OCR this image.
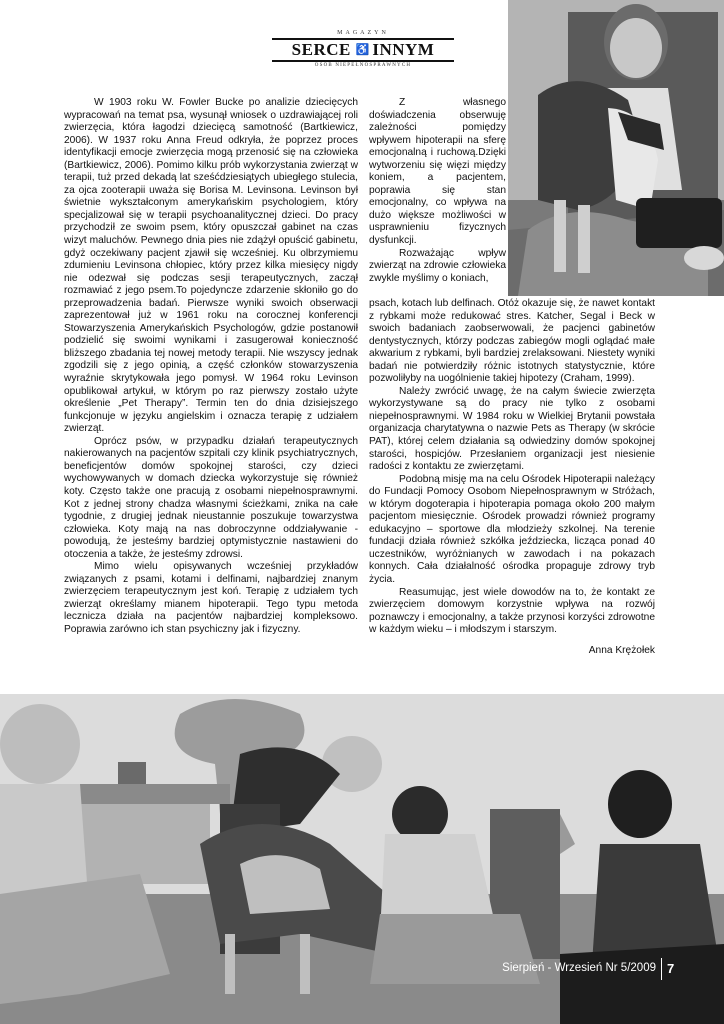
MAGAZYN
SERCE ♿ INNYM
OSÓB NIEPEŁNOSPRAWNYCH

W 1903 roku W. Fowler Bucke po analizie dziecięcych wypracowań na temat psa, wysunął wniosek o uzdrawiającej roli zwierzęcia, która łagodzi dziecięcą samotność (Bartkiewicz, 2006). W 1937 roku Anna Freud odkryła, że poprzez proces identyfikacji emocje zwierzęcia mogą przenosić się na człowieka (Bartkiewicz, 2006). Pomimo kilku prób wykorzystania zwierząt w terapii, tuż przed dekadą lat sześćdziesiątych ubiegłego stulecia, za ojca zooterapii uważa się Borisa M. Levinsona. Levinson był świetnie wykształconym amerykańskim psychologiem, który specjalizował się w terapii psychoanalitycznej dzieci. Do pracy przychodził ze swoim psem, który opuszczał gabinet na czas wizyt maluchów. Pewnego dnia pies nie zdążył opuścić gabinetu, gdyż oczekiwany pacjent zjawił się wcześniej. Ku olbrzymiemu zdumieniu Levinsona chłopiec, który przez kilka miesięcy nigdy nie odezwał się podczas sesji terapeutycznych, zaczął rozmawiać z jego psem.To pojedyncze zdarzenie skłoniło go do przeprowadzenia badań. Pierwsze wyniki swoich obserwacji zaprezentował już w 1961 roku na corocznej konferencji Stowarzyszenia Amerykańskich Psychologów, gdzie postanowił podzielić się swoimi wynikami i zasugerował konieczność bliższego zbadania tej nowej metody terapii. Nie wszyscy jednak zgodzili się z jego opinią, a część członków stowarzyszenia wyraźnie skrytykowała jego pomysł. W 1964 roku Levinson opublikował artykuł, w którym po raz pierwszy zostało użyte określenie „Pet Therapy”. Termin ten do dnia dzisiejszego funkcjonuje w języku angielskim i oznacza terapię z udziałem zwierząt.

Oprócz psów, w przypadku działań terapeutycznych nakierowanych na pacjentów szpitali czy klinik psychiatrycznych, beneficjentów domów spokojnej starości, czy dzieci wychowywanych w domach dziecka wykorzystuje się również koty. Często także one pracują z osobami niepełnosprawnymi. Kot z jednej strony chadza własnymi ścieżkami, znika na całe tygodnie, z drugiej jednak nieustannie poszukuje towarzystwa człowieka. Koty mają na nas dobroczynne oddziaływanie - powodują, że jesteśmy bardziej optymistycznie nastawieni do otoczenia a także, że jesteśmy zdrowsi.

Mimo wielu opisywanych wcześniej przykładów związanych z psami, kotami i delfinami, najbardziej znanym zwierzęciem terapeutycznym jest koń. Terapię z udziałem tych zwierząt określamy mianem hipoterapii. Tego typu metoda lecznicza działa na pacjentów najbardziej kompleksowo. Poprawia zarówno ich stan psychiczny jak i fizyczny.

Z własnego doświadczenia obserwuję zależności pomiędzy wpływem hipoterapii na sferę emocjonalną i ruchową.Dzięki wytworzeniu się więzi między koniem, a pacjentem, poprawia się stan emocjonalny, co wpływa na dużo większe możliwości w usprawnieniu fizycznych dysfunkcji.

Rozważając wpływ zwierząt na zdrowie człowieka zwykle myślimy o koniach,

psach, kotach lub delfinach. Otóż okazuje się, że nawet kontakt z rybkami może redukować stres. Katcher, Segal i Beck w swoich badaniach zaobserwowali, że pacjenci gabinetów dentystycznych, którzy podczas zabiegów mogli oglądać małe akwarium z rybkami, byli bardziej zrelaksowani. Niestety wyniki badań nie potwierdziły różnic istotnych statystycznie, które pozwoliłyby na uogólnienie takiej hipotezy (Craham, 1999).

Należy zwrócić uwagę, że na całym świecie zwierzęta wykorzystywane są do pracy nie tylko z osobami niepełnosprawnymi. W 1984 roku w Wielkiej Brytanii powstała organizacja charytatywna o nazwie Pets as Therapy (w skrócie PAT), której celem działania są odwiedziny domów spokojnej starości, hospicjów. Przesłaniem organizacji jest niesienie radości z kontaktu ze zwierzętami.

Podobną misję ma na celu Ośrodek Hipoterapii należący do Fundacji Pomocy Osobom Niepełnosprawnym w Stróżach, w którym dogoterapia i hipoterapia pomaga około 200 małym pacjentom miesięcznie. Ośrodek prowadzi również programy edukacyjno – sportowe dla młodzieży szkolnej. Na terenie fundacji działa również szkółka jeździecka, licząca ponad 40 uczestników, wyróżnianych w zawodach i na pokazach konnych. Cała działalność ośrodka propaguje zdrowy tryb życia.

Reasumując, jest wiele dowodów na to, że kontakt ze zwierzęciem domowym korzystnie wpływa na rozwój poznawczy i emocjonalny, a także przynosi korzyści zdrowotne w każdym wieku – i młodszym i starszym.

Anna Krężołek
Sierpień - Wrzesień Nr 5/2009 7
